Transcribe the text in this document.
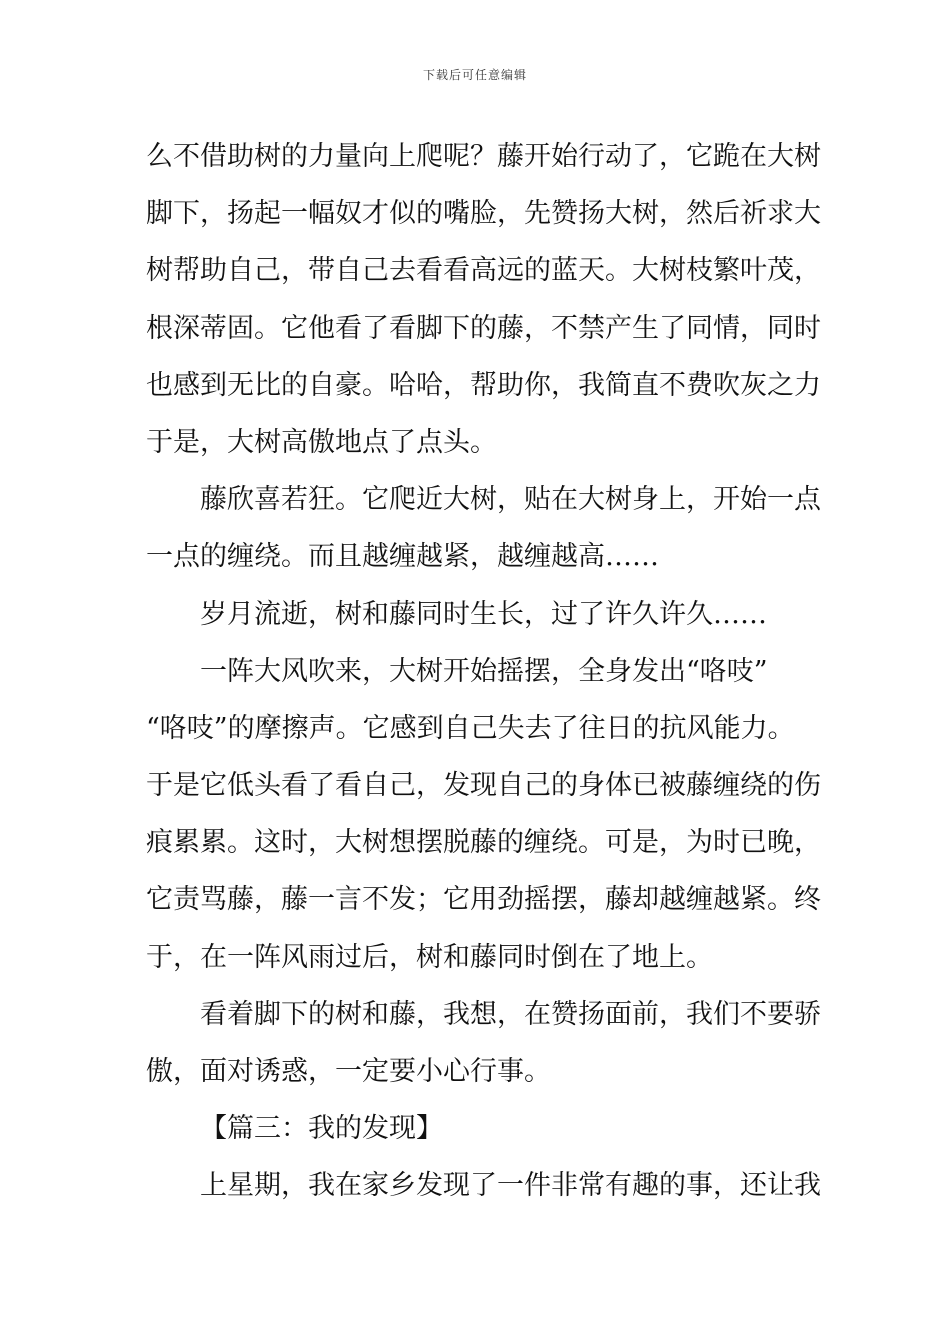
下载后可任意编辑
么不借助树的力量向上爬呢？藤开始行动了，它跪在大树
脚下，扬起一幅奴才似的嘴脸，先赞扬大树，然后祈求大
树帮助自己，带自己去看看高远的蓝天。大树枝繁叶茂，
根深蒂固。它他看了看脚下的藤，不禁产生了同情，同时
也感到无比的自豪。哈哈，帮助你，我简直不费吹灰之力
于是，大树高傲地点了点头。
藤欣喜若狂。它爬近大树，贴在大树身上，开始一点
一点的缠绕。而且越缠越紧，越缠越高……
岁月流逝，树和藤同时生长，过了许久许久……
一阵大风吹来，大树开始摇摆，全身发出“咯吱”
“咯吱”的摩擦声。它感到自己失去了往日的抗风能力。
于是它低头看了看自己，发现自己的身体已被藤缠绕的伤
痕累累。这时，大树想摆脱藤的缠绕。可是，为时已晚，
它责骂藤，藤一言不发；它用劲摇摆，藤却越缠越紧。终
于，在一阵风雨过后，树和藤同时倒在了地上。
看着脚下的树和藤，我想，在赞扬面前，我们不要骄
傲，面对诱惑，一定要小心行事。
【篇三：我的发现】
上星期，我在家乡发现了一件非常有趣的事，还让我
